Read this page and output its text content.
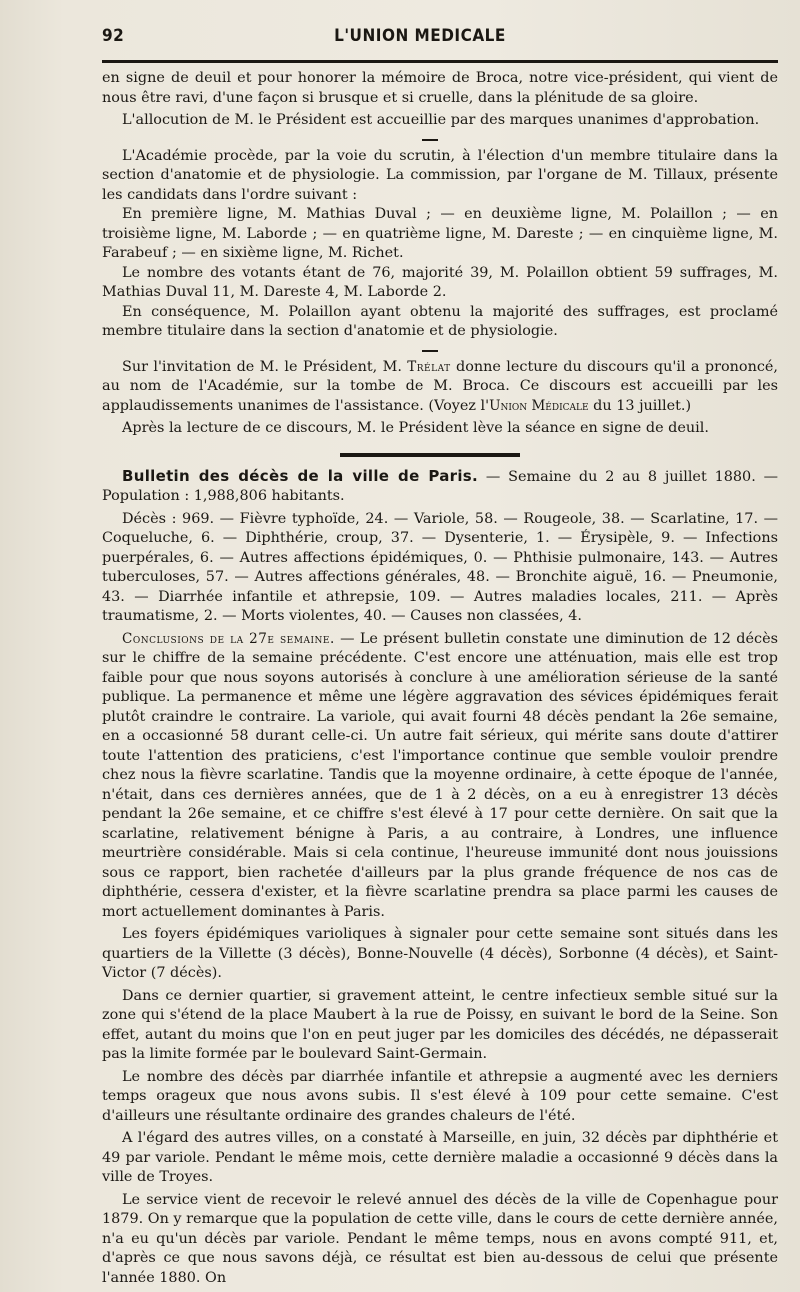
92	L'UNION MEDICALE

en signe de deuil et pour honorer la mémoire de Broca, notre vice-président, qui vient de nous être ravi, d'une façon si brusque et si cruelle, dans la plénitude de sa gloire.

L'allocution de M. le Président est accueillie par des marques unanimes d'approbation.

L'Académie procède, par la voie du scrutin, à l'élection d'un membre titulaire dans la section d'anatomie et de physiologie. La commission, par l'organe de M. Tillaux, présente les candidats dans l'ordre suivant :

En première ligne, M. Mathias Duval ; — en deuxième ligne, M. Polaillon ; — en troisième ligne, M. Laborde ; — en quatrième ligne, M. Dareste ; — en cinquième ligne, M. Farabeuf ; — en sixième ligne, M. Richet.

Le nombre des votants étant de 76, majorité 39, M. Polaillon obtient 59 suffrages, M. Mathias Duval 11, M. Dareste 4, M. Laborde 2.

En conséquence, M. Polaillon ayant obtenu la majorité des suffrages, est proclamé membre titulaire dans la section d'anatomie et de physiologie.

Sur l'invitation de M. le Président, M. Trélat donne lecture du discours qu'il a prononcé, au nom de l'Académie, sur la tombe de M. Broca. Ce discours est accueilli par les applaudissements unanimes de l'assistance. (Voyez l'Union Médicale du 13 juillet.)

Après la lecture de ce discours, M. le Président lève la séance en signe de deuil.

Bulletin des décès de la ville de Paris. — Semaine du 2 au 8 juillet 1880. — Population : 1,988,806 habitants.

Décès : 969. — Fièvre typhoïde, 24. — Variole, 58. — Rougeole, 38. — Scarlatine, 17. — Coqueluche, 6. — Diphthérie, croup, 37. — Dysenterie, 1. — Érysipèle, 9. — Infections puerpérales, 6. — Autres affections épidémiques, 0. — Phthisie pulmonaire, 143. — Autres tuberculoses, 57. — Autres affections générales, 48. — Bronchite aiguë, 16. — Pneumonie, 43. — Diarrhée infantile et athrepsie, 109. — Autres maladies locales, 211. — Après traumatisme, 2. — Morts violentes, 40. — Causes non classées, 4.

Conclusions de la 27e semaine. — Le présent bulletin constate une diminution de 12 décès sur le chiffre de la semaine précédente. C'est encore une atténuation, mais elle est trop faible pour que nous soyons autorisés à conclure à une amélioration sérieuse de la santé publique. La permanence et même une légère aggravation des sévices épidémiques ferait plutôt craindre le contraire. La variole, qui avait fourni 48 décès pendant la 26e semaine, en a occasionné 58 durant celle-ci. Un autre fait sérieux, qui mérite sans doute d'attirer toute l'attention des praticiens, c'est l'importance continue que semble vouloir prendre chez nous la fièvre scarlatine. Tandis que la moyenne ordinaire, à cette époque de l'année, n'était, dans ces dernières années, que de 1 à 2 décès, on a eu à enregistrer 13 décès pendant la 26e semaine, et ce chiffre s'est élevé à 17 pour cette dernière. On sait que la scarlatine, relativement bénigne à Paris, a au contraire, à Londres, une influence meurtrière considérable. Mais si cela continue, l'heureuse immunité dont nous jouissions sous ce rapport, bien rachetée d'ailleurs par la plus grande fréquence de nos cas de diphthérie, cessera d'exister, et la fièvre scarlatine prendra sa place parmi les causes de mort actuellement dominantes à Paris.

Les foyers épidémiques varioliques à signaler pour cette semaine sont situés dans les quartiers de la Villette (3 décès), Bonne-Nouvelle (4 décès), Sorbonne (4 décès), et Saint-Victor (7 décès).

Dans ce dernier quartier, si gravement atteint, le centre infectieux semble situé sur la zone qui s'étend de la place Maubert à la rue de Poissy, en suivant le bord de la Seine. Son effet, autant du moins que l'on en peut juger par les domiciles des décédés, ne dépasserait pas la limite formée par le boulevard Saint-Germain.

Le nombre des décès par diarrhée infantile et athrepsie a augmenté avec les derniers temps orageux que nous avons subis. Il s'est élevé à 109 pour cette semaine. C'est d'ailleurs une résultante ordinaire des grandes chaleurs de l'été.

A l'égard des autres villes, on a constaté à Marseille, en juin, 32 décès par diphthérie et 49 par variole. Pendant le même mois, cette dernière maladie a occasionné 9 décès dans la ville de Troyes.

Le service vient de recevoir le relevé annuel des décès de la ville de Copenhague pour 1879. On y remarque que la population de cette ville, dans le cours de cette dernière année, n'a eu qu'un décès par variole. Pendant le même temps, nous en avons compté 911, et, d'après ce que nous savons déjà, ce résultat est bien au-dessous de celui que présente l'année 1880. On
